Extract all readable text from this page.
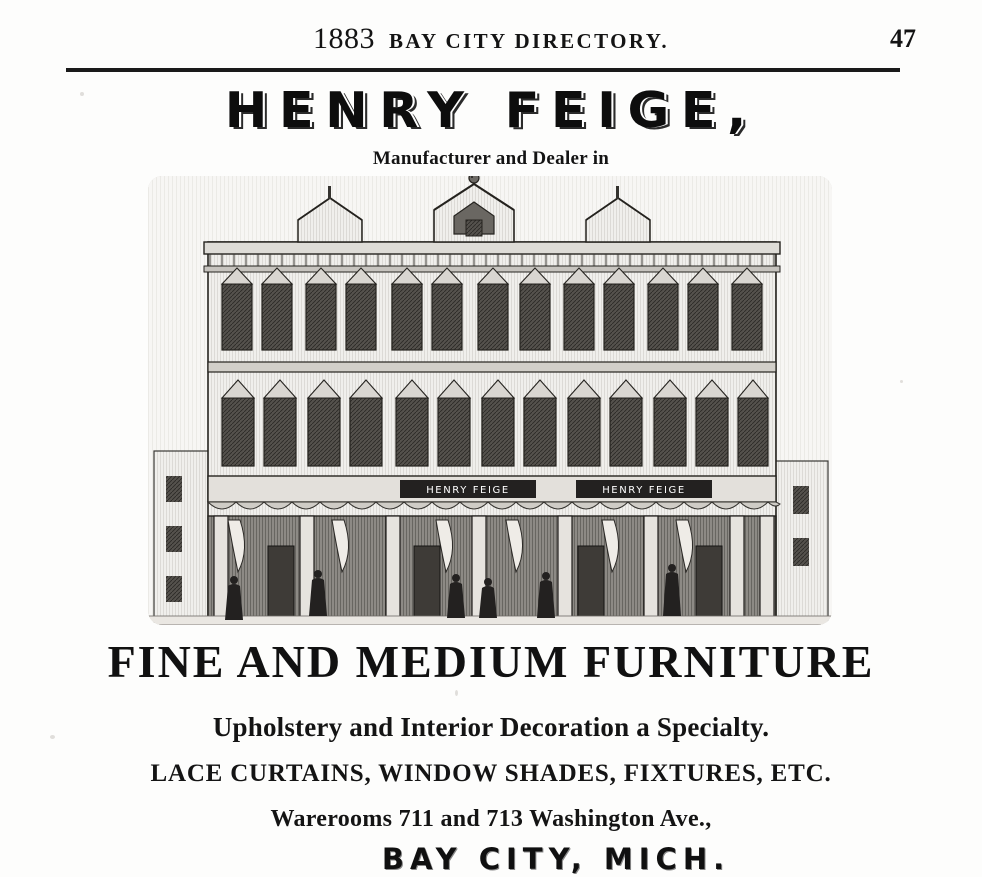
1883 BAY CITY DIRECTORY.	47
HENRY FEIGE,
Manufacturer and Dealer in
HENRY FEIGE	HENRY FEIGE
FINE AND MEDIUM FURNITURE
Upholstery and Interior Decoration a Specialty.
LACE CURTAINS, WINDOW SHADES, FIXTURES, ETC.
Warerooms 711 and 713 Washington Ave.,
BAY CITY, MICH.
